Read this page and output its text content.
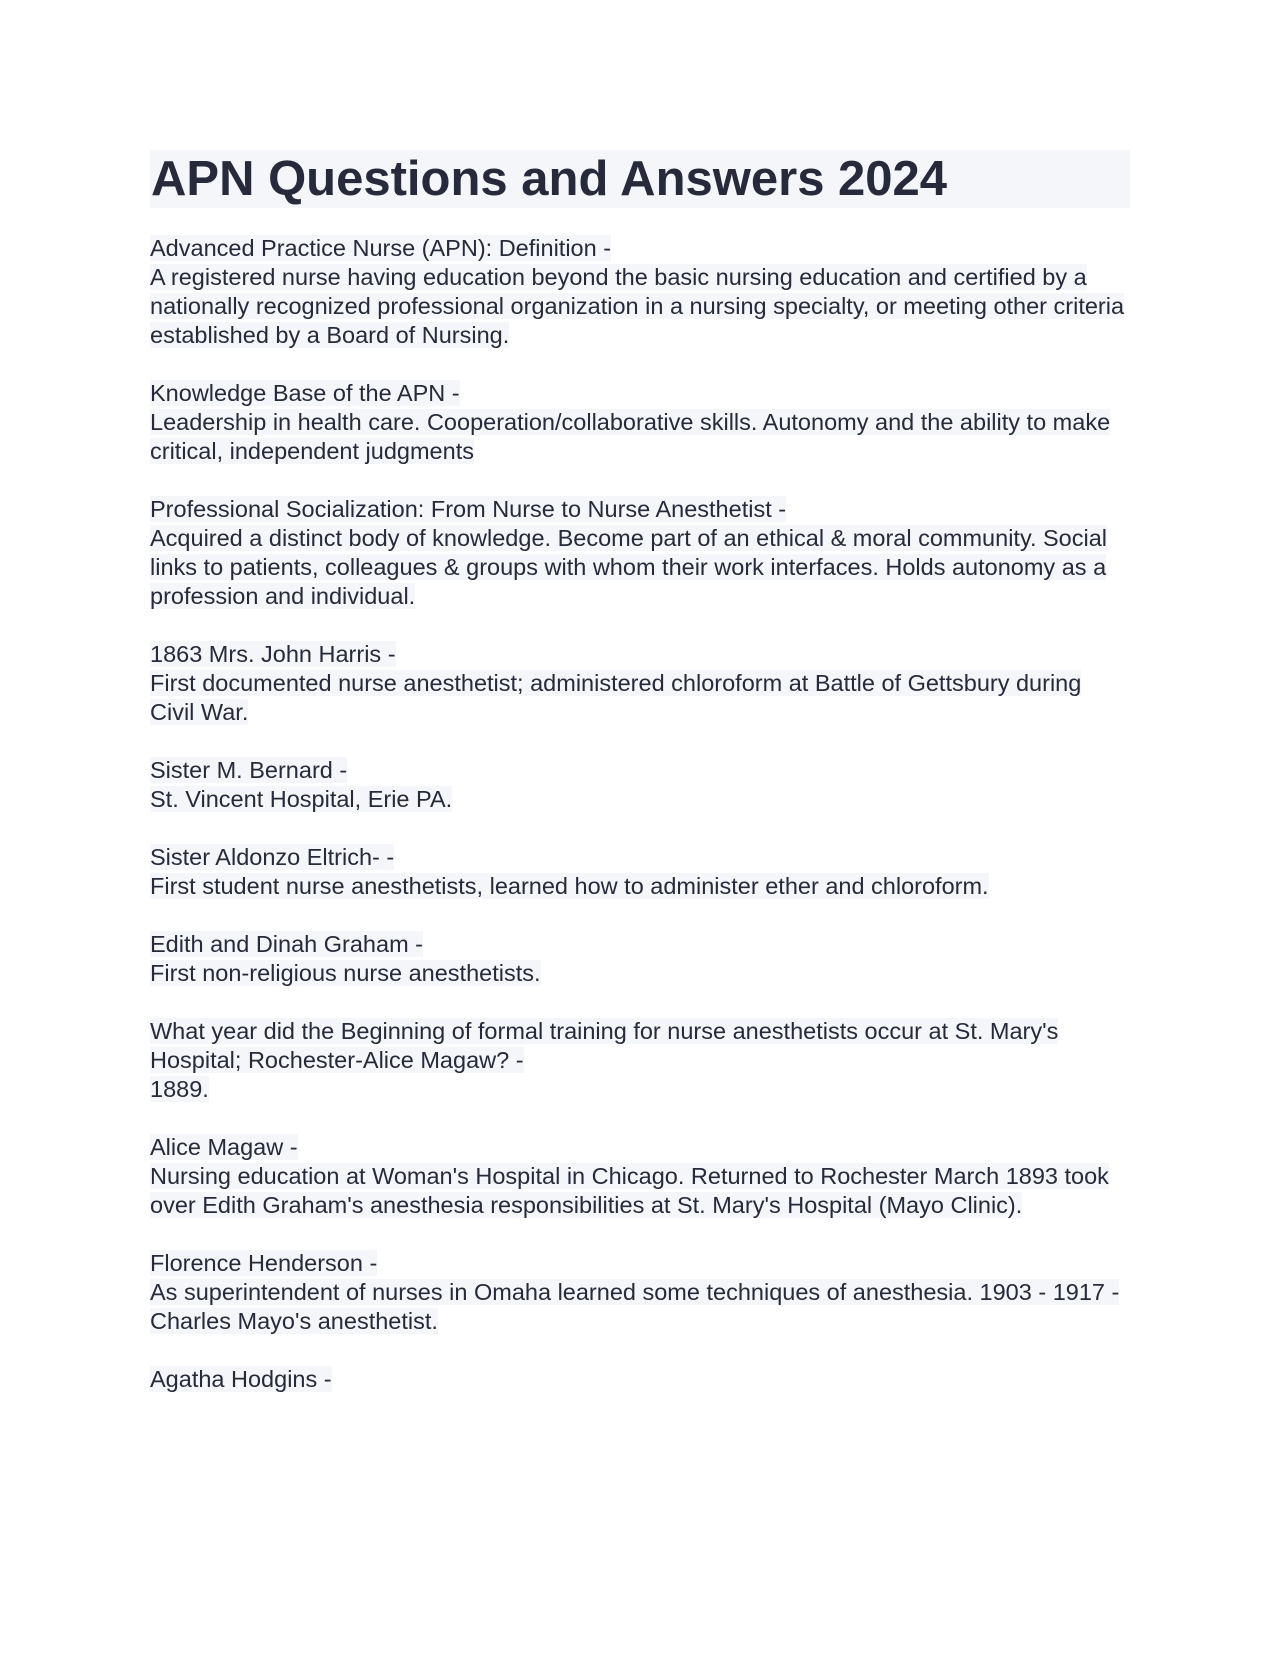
APN Questions and Answers 2024
Advanced Practice Nurse (APN): Definition -
A registered nurse having education beyond the basic nursing education and certified by a nationally recognized professional organization in a nursing specialty, or meeting other criteria established by a Board of Nursing.
Knowledge Base of the APN -
Leadership in health care. Cooperation/collaborative skills. Autonomy and the ability to make critical, independent judgments
Professional Socialization: From Nurse to Nurse Anesthetist -
Acquired a distinct body of knowledge. Become part of an ethical & moral community. Social links to patients, colleagues & groups with whom their work interfaces. Holds autonomy as a profession and individual.
1863 Mrs. John Harris -
First documented nurse anesthetist; administered chloroform at Battle of Gettsbury during Civil War.
Sister M. Bernard -
St. Vincent Hospital, Erie PA.
Sister Aldonzo Eltrich- -
First student nurse anesthetists, learned how to administer ether and chloroform.
Edith and Dinah Graham -
First non-religious nurse anesthetists.
What year did the Beginning of formal training for nurse anesthetists occur at St. Mary's Hospital; Rochester-Alice Magaw? -
1889.
Alice Magaw -
Nursing education at Woman's Hospital in Chicago. Returned to Rochester March 1893 took over Edith Graham's anesthesia responsibilities at St. Mary's Hospital (Mayo Clinic).
Florence Henderson -
As superintendent of nurses in Omaha learned some techniques of anesthesia. 1903 - 1917 - Charles Mayo's anesthetist.
Agatha Hodgins -
